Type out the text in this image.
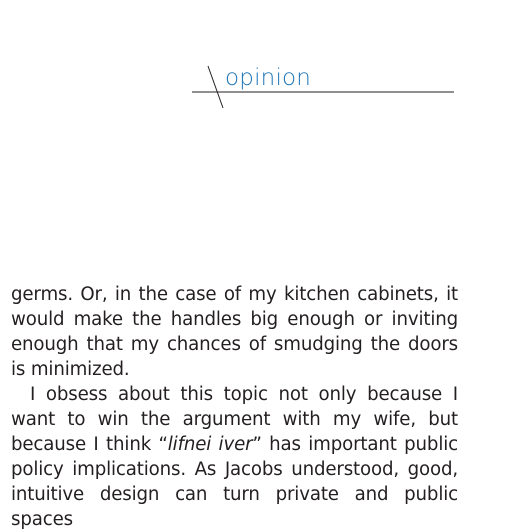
opinion

germs. Or, in the case of my kitchen cabinets, it would make the handles big enough or inviting enough that my chances of smudging the doors is minimized.

I obsess about this topic not only because I want to win the argument with my wife, but because I think “lifnei iver” has important public policy implications. As Jacobs understood, good, intuitive design can turn private and public spaces
